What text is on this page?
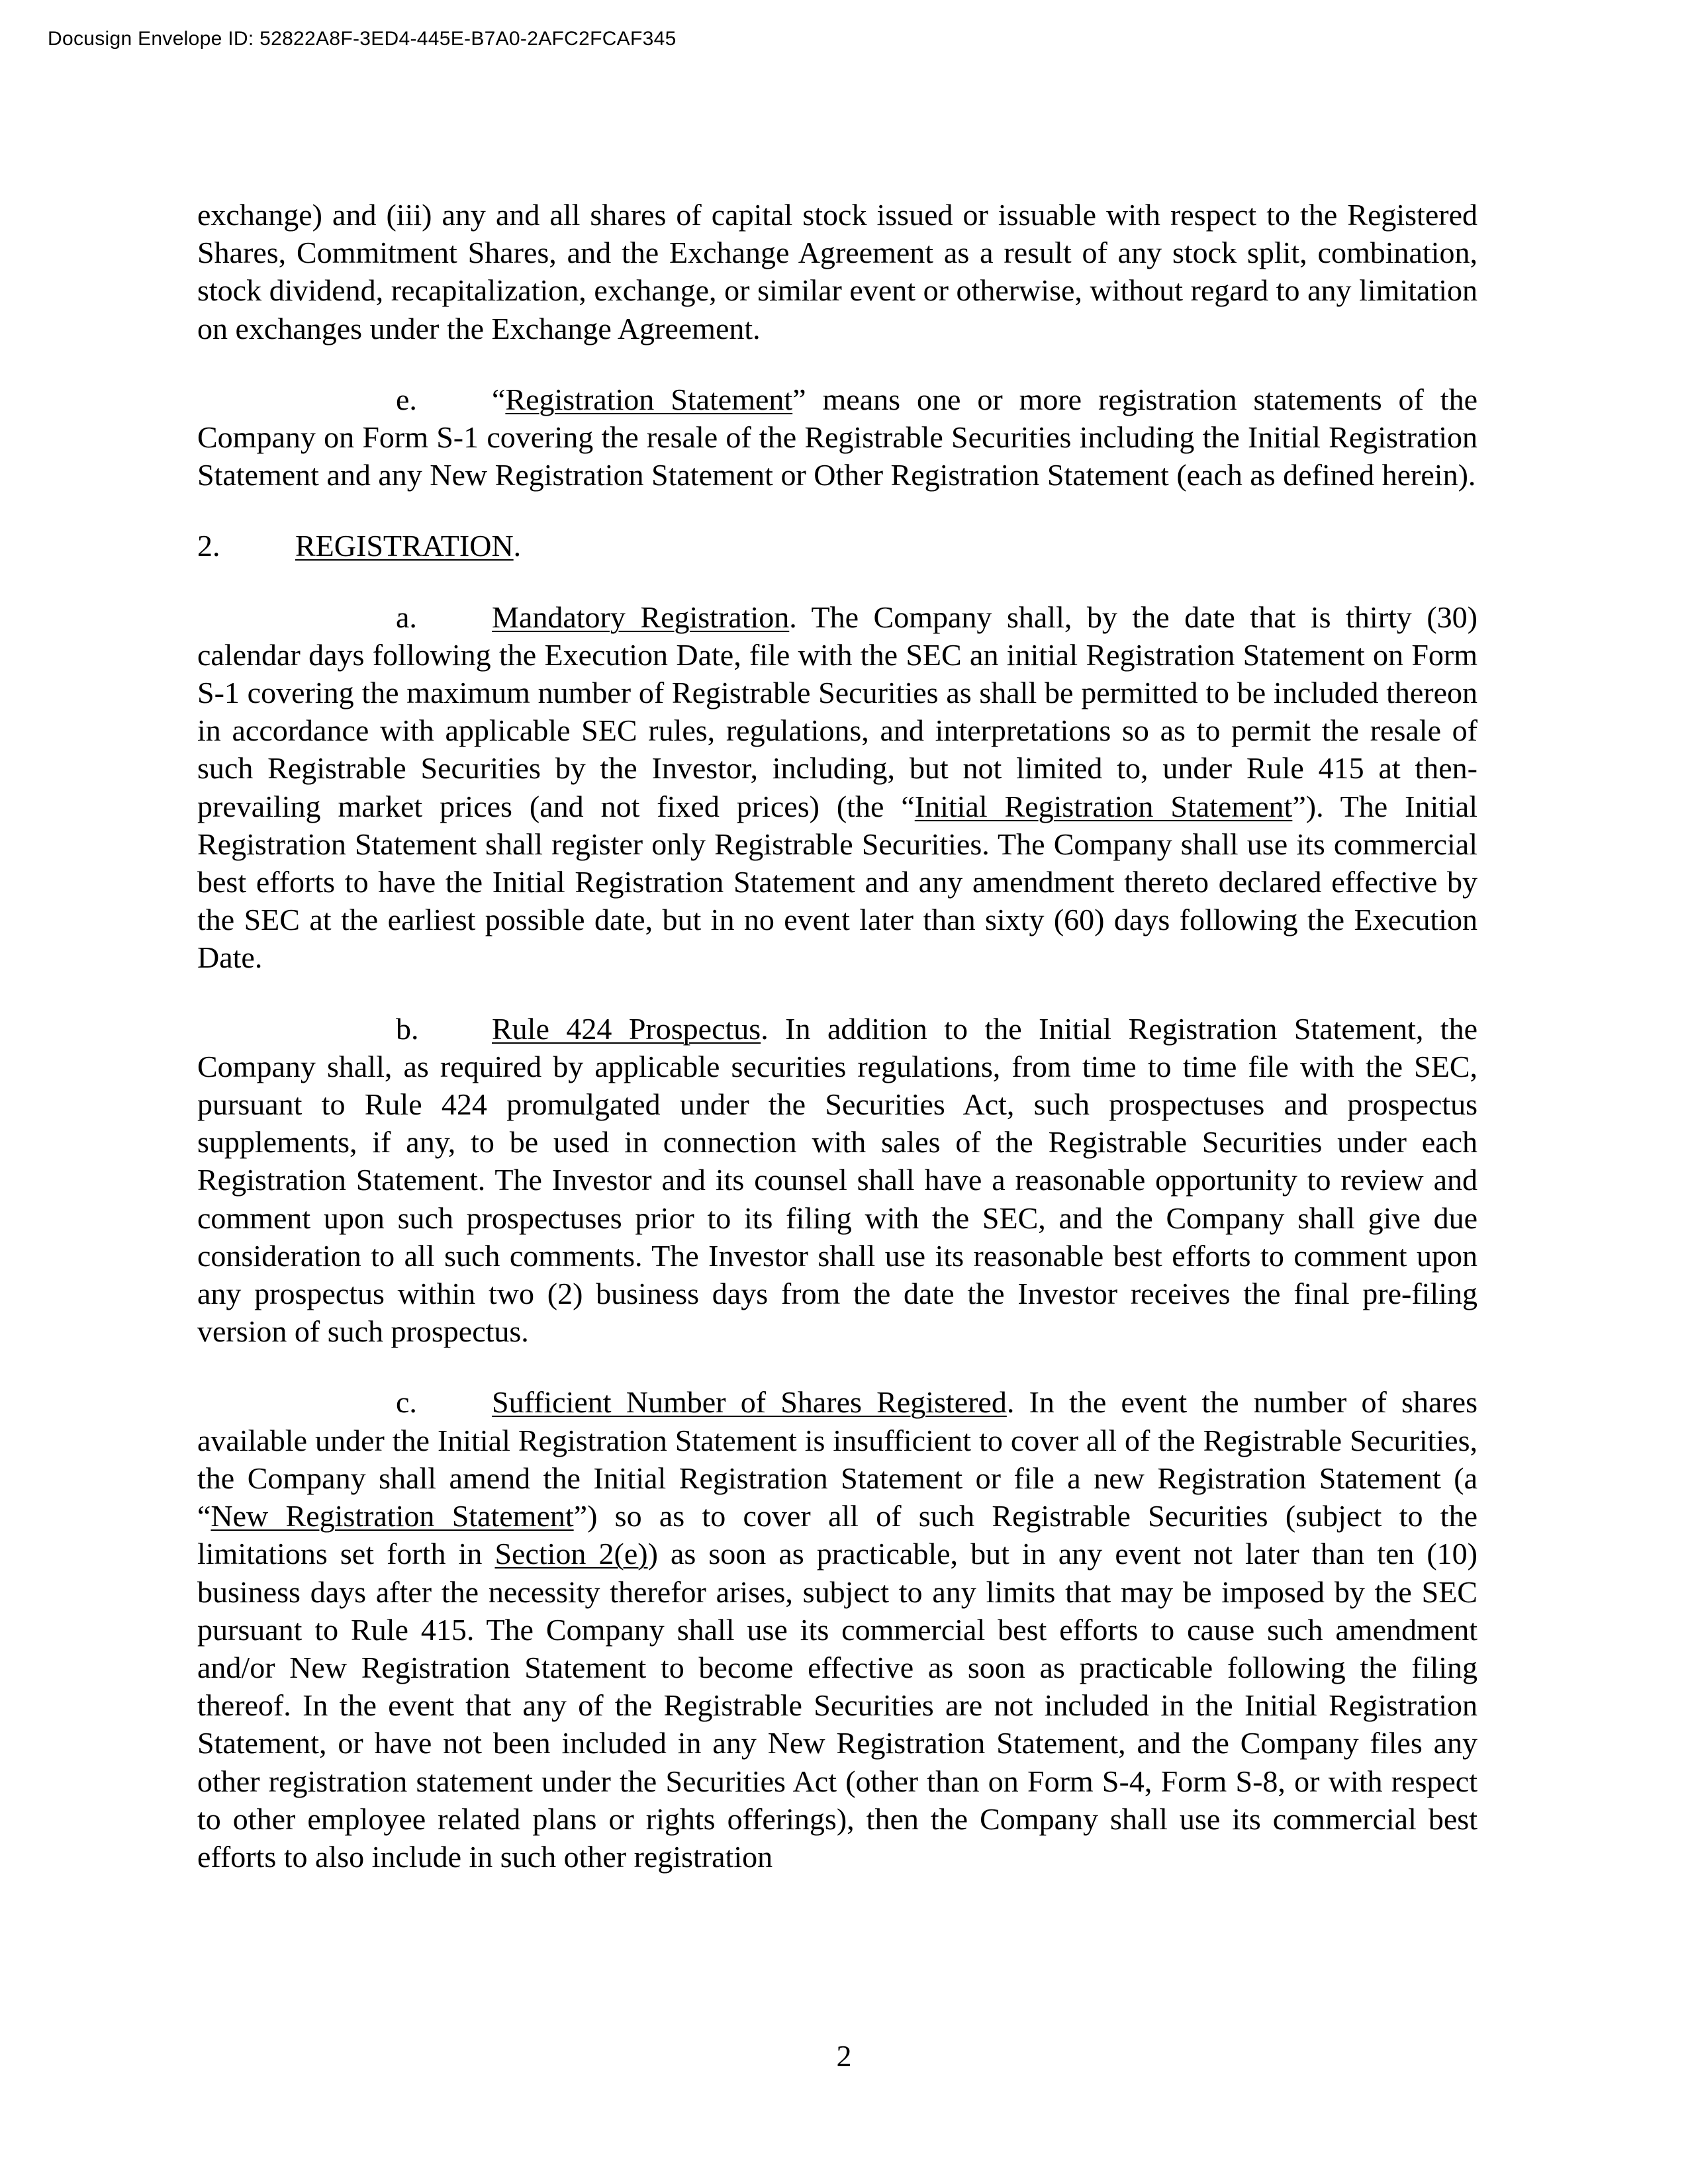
Docusign Envelope ID: 52822A8F-3ED4-445E-B7A0-2AFC2FCAF345

exchange) and (iii) any and all shares of capital stock issued or issuable with respect to the Registered Shares, Commitment Shares, and the Exchange Agreement as a result of any stock split, combination, stock dividend, recapitalization, exchange, or similar event or otherwise, without regard to any limitation on exchanges under the Exchange Agreement.

e. “Registration Statement” means one or more registration statements of the Company on Form S-1 covering the resale of the Registrable Securities including the Initial Registration Statement and any New Registration Statement or Other Registration Statement (each as defined herein).

2. REGISTRATION.

a. Mandatory Registration. The Company shall, by the date that is thirty (30) calendar days following the Execution Date, file with the SEC an initial Registration Statement on Form S-1 covering the maximum number of Registrable Securities as shall be permitted to be included thereon in accordance with applicable SEC rules, regulations, and interpretations so as to permit the resale of such Registrable Securities by the Investor, including, but not limited to, under Rule 415 at then-prevailing market prices (and not fixed prices) (the “Initial Registration Statement”). The Initial Registration Statement shall register only Registrable Securities. The Company shall use its commercial best efforts to have the Initial Registration Statement and any amendment thereto declared effective by the SEC at the earliest possible date, but in no event later than sixty (60) days following the Execution Date.

b. Rule 424 Prospectus. In addition to the Initial Registration Statement, the Company shall, as required by applicable securities regulations, from time to time file with the SEC, pursuant to Rule 424 promulgated under the Securities Act, such prospectuses and prospectus supplements, if any, to be used in connection with sales of the Registrable Securities under each Registration Statement. The Investor and its counsel shall have a reasonable opportunity to review and comment upon such prospectuses prior to its filing with the SEC, and the Company shall give due consideration to all such comments. The Investor shall use its reasonable best efforts to comment upon any prospectus within two (2) business days from the date the Investor receives the final pre-filing version of such prospectus.

c. Sufficient Number of Shares Registered. In the event the number of shares available under the Initial Registration Statement is insufficient to cover all of the Registrable Securities, the Company shall amend the Initial Registration Statement or file a new Registration Statement (a “New Registration Statement”) so as to cover all of such Registrable Securities (subject to the limitations set forth in Section 2(e)) as soon as practicable, but in any event not later than ten (10) business days after the necessity therefor arises, subject to any limits that may be imposed by the SEC pursuant to Rule 415. The Company shall use its commercial best efforts to cause such amendment and/or New Registration Statement to become effective as soon as practicable following the filing thereof. In the event that any of the Registrable Securities are not included in the Initial Registration Statement, or have not been included in any New Registration Statement, and the Company files any other registration statement under the Securities Act (other than on Form S-4, Form S-8, or with respect to other employee related plans or rights offerings), then the Company shall use its commercial best efforts to also include in such other registration

2
